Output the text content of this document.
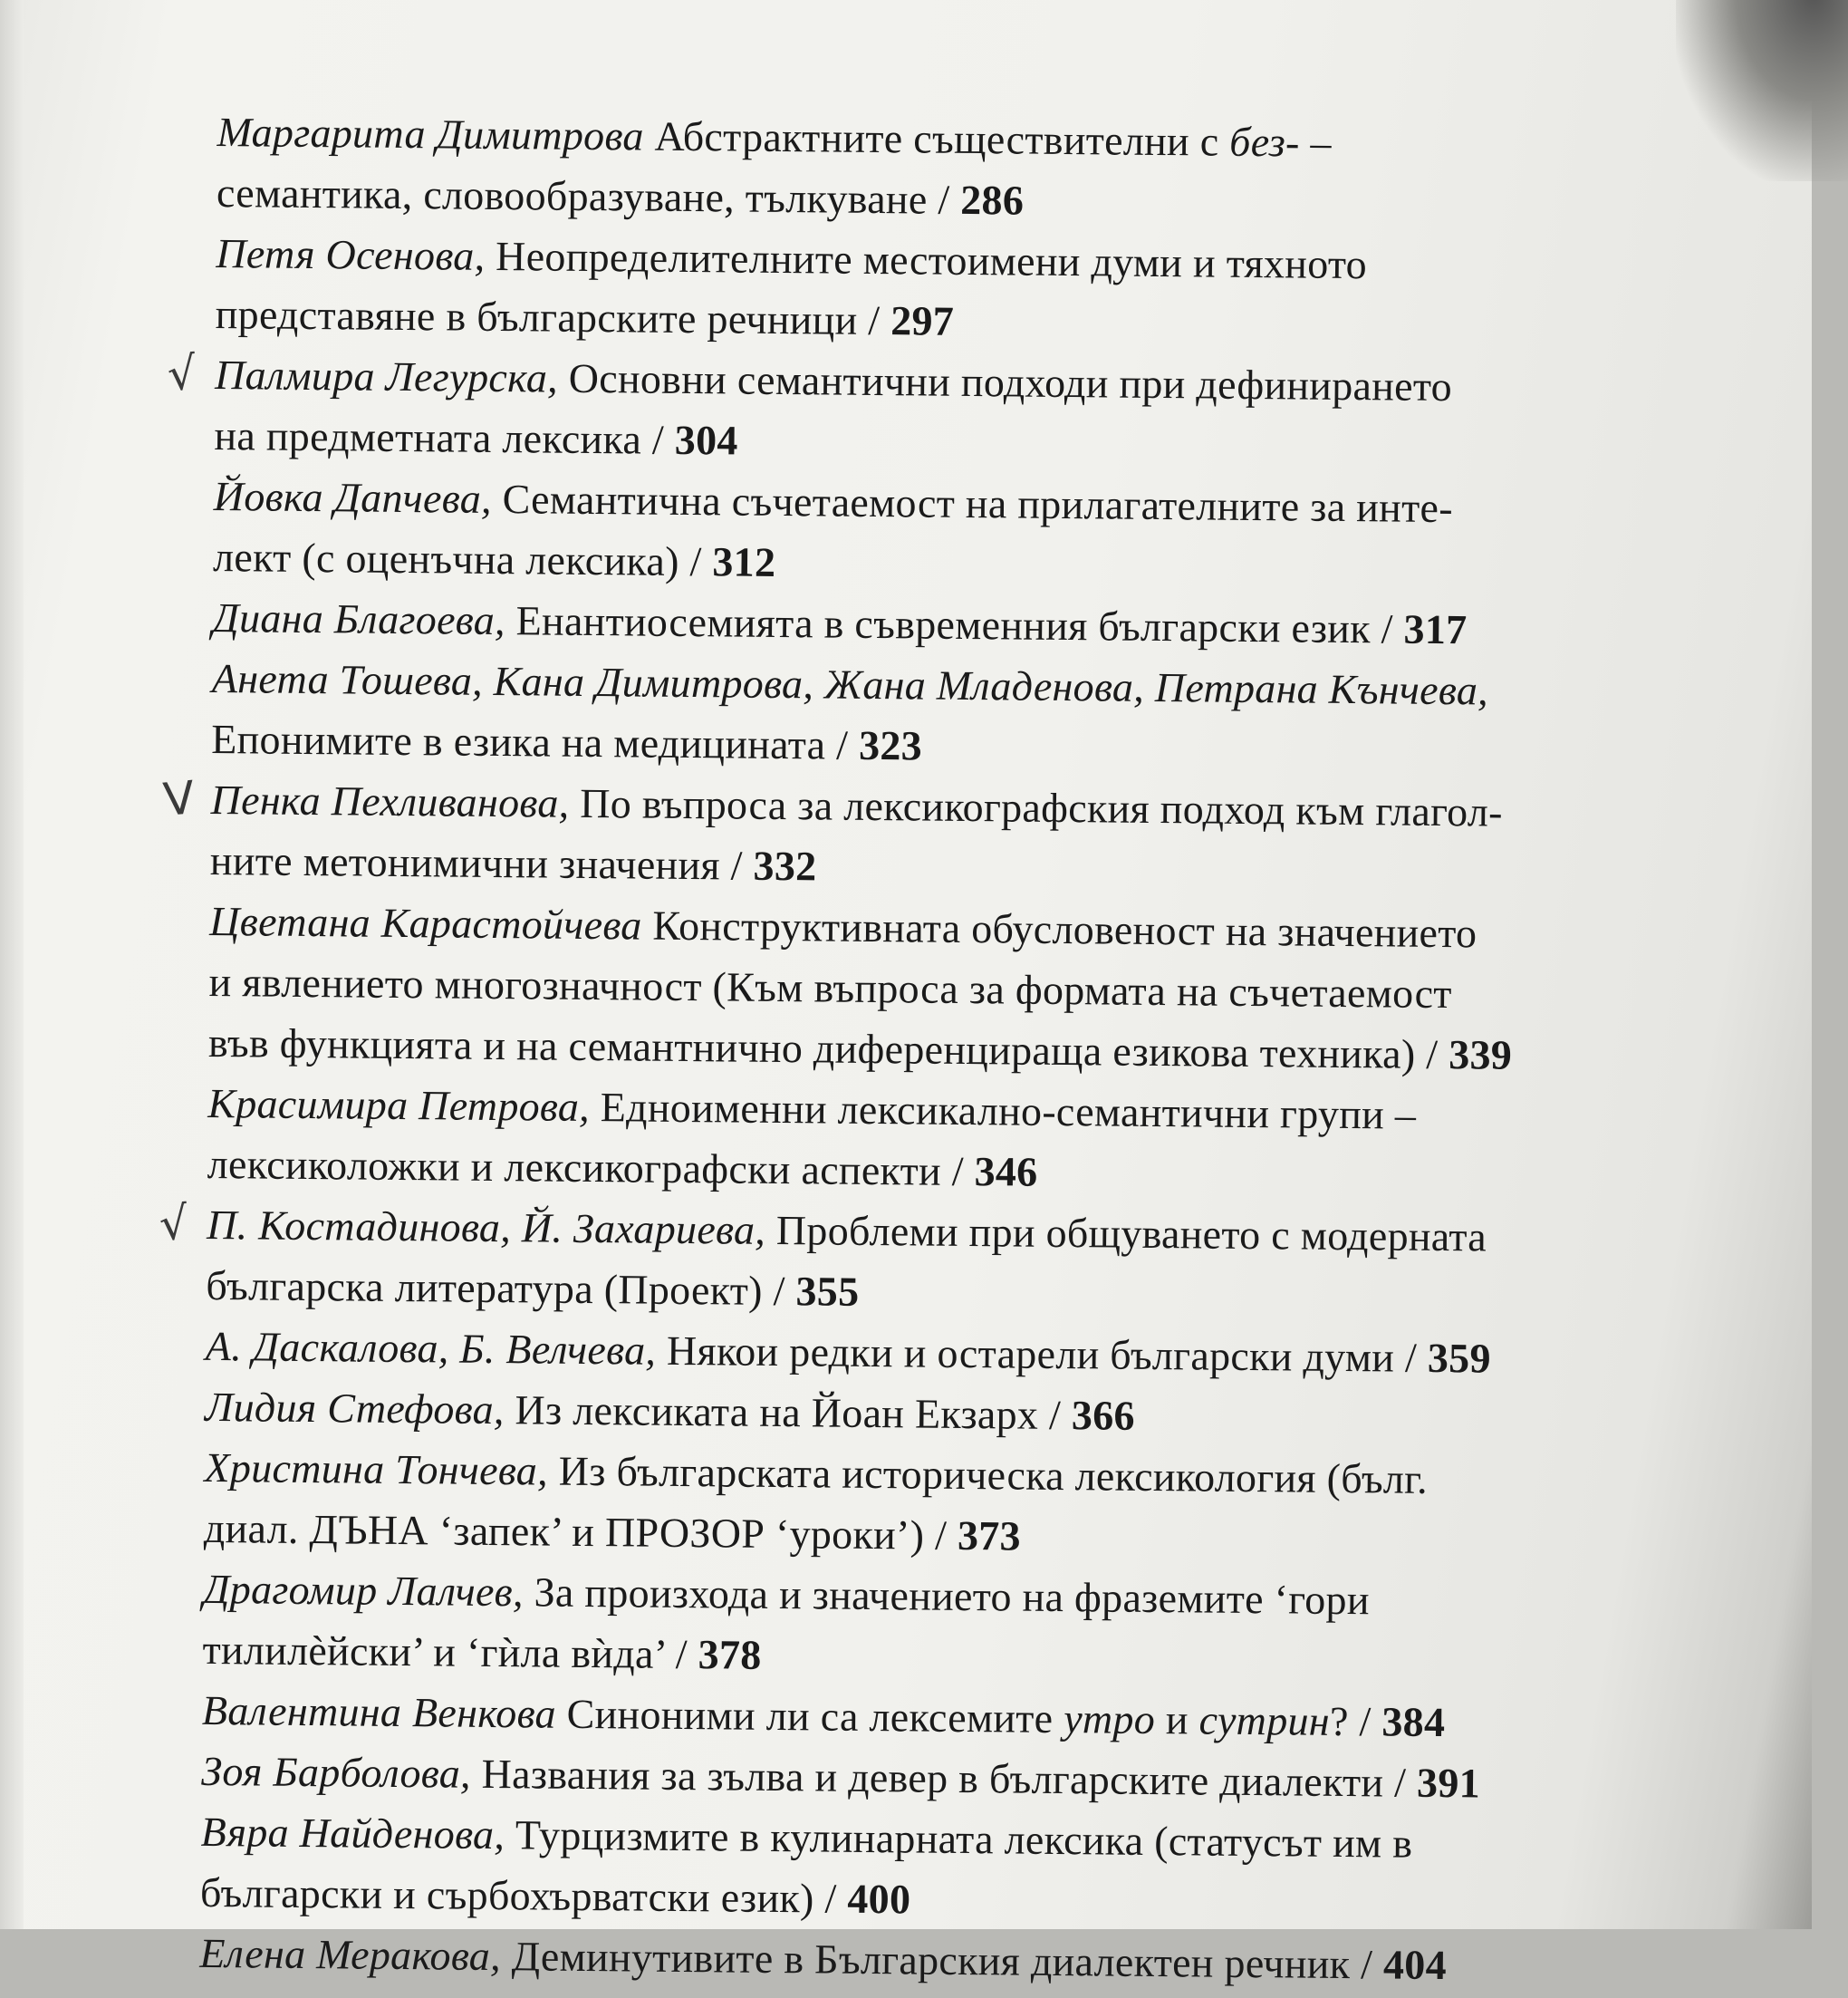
Маргарита Димитрова Абстрактните съществителни с без- –
семантика, словообразуване, тълкуване / 286
Петя Осенова, Неопределителните местоимени думи и тяхното
представяне в българските речници / 297
√ Палмира Легурска, Основни семантични подходи при дефинирането
на предметната лексика / 304
Йовка Дапчева, Семантична съчетаемост на прилагателните за инте-
лект (с оценъчна лексика) / 312
Диана Благоева, Енантиосемията в съвременния български език / 317
Анета Тошева, Кана Димитрова, Жана Младенова, Петрана Кънчева,
Епонимите в езика на медицината / 323
V Пенка Пехливанова, По въпроса за лексикографския подход към глагол-
ните метонимични значения / 332
Цветана Карастойчева Конструктивната обусловеност на значението
и явлението многозначност (Към въпроса за формата на съчетаемост
във функцията и на семантнично диференцираща езикова техника) / 339
Красимира Петрова, Едноименни лексикално-семантични групи –
лексиколожки и лексикографски аспекти / 346
√ П. Костадинова, Й. Захариева, Проблеми при общуването с модерната
българска литература (Проект) / 355
А. Даскалова, Б. Велчева, Някои редки и остарели български думи / 359
Лидия Стефова, Из лексиката на Йоан Екзарх / 366
Христина Тончева, Из българската историческа лексикология (бълг.
диал. ДЪНА ‘запек’ и ПРОЗОР ‘уроки’) / 373
Драгомир Лалчев, За произхода и значението на фраземите ‘гори
тилилѐйски’ и ‘гѝла вѝда’ / 378
Валентина Венкова Синоними ли са лексемите утро и сутрин? / 384
Зоя Барболова, Названия за зълва и девер в българските диалекти / 391
Вяра Найденова, Турцизмите в кулинарната лексика (статусът им в
български и сърбохърватски език) / 400
Елена Меракова, Деминутивите в Българския диалектен речник / 404
